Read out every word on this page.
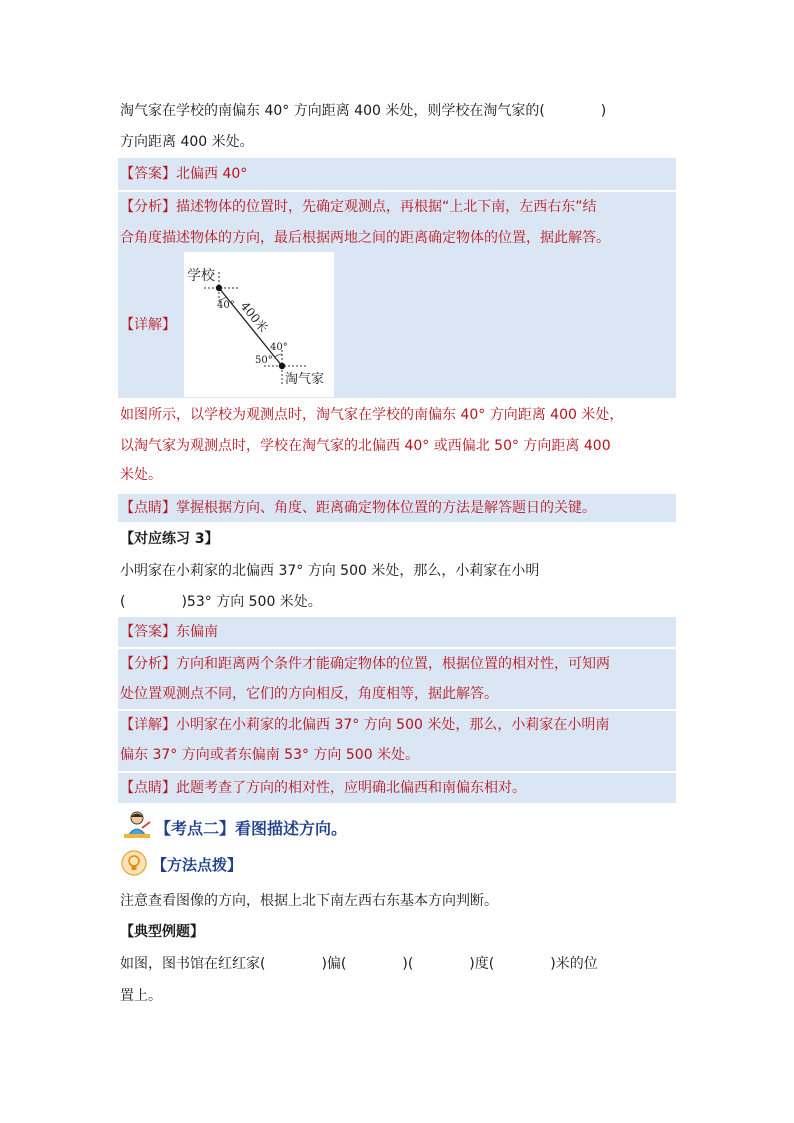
淘气家在学校的南偏东 40° 方向距离 400 米处，则学校在淘气家的(　　　　)
方向距离 400 米处。
【答案】北偏西 40°
【分析】描述物体的位置时，先确定观测点，再根据“上北下南，左西右东”结
合角度描述物体的方向，最后根据两地之间的距离确定物体的位置，据此解答。
【详解】
学校
40° 400米
40°
50°
淘气家
如图所示，以学校为观测点时，淘气家在学校的南偏东 40° 方向距离 400 米处，
以淘气家为观测点时，学校在淘气家的北偏西 40° 或西偏北 50° 方向距离 400
米处。
【点睛】掌握根据方向、角度、距离确定物体位置的方法是解答题日的关键。
【对应练习 3】
小明家在小莉家的北偏西 37° 方向 500 米处，那么，小莉家在小明
(　　　　)53° 方向 500 米处。
【答案】东偏南
【分析】方向和距离两个条件才能确定物体的位置，根据位置的相对性，可知两
处位置观测点不同，它们的方向相反，角度相等，据此解答。
【详解】小明家在小莉家的北偏西 37° 方向 500 米处，那么，小莉家在小明南
偏东 37° 方向或者东偏南 53° 方向 500 米处。
【点睛】此题考查了方向的相对性，应明确北偏西和南偏东相对。
【考点二】看图描述方向。
【方法点拨】
注意查看图像的方向，根据上北下南左西右东基本方向判断。
【典型例题】
如图，图书馆在红红家(　　　　)偏(　　　　)(　　　　)度(　　　　)米的位
置上。
